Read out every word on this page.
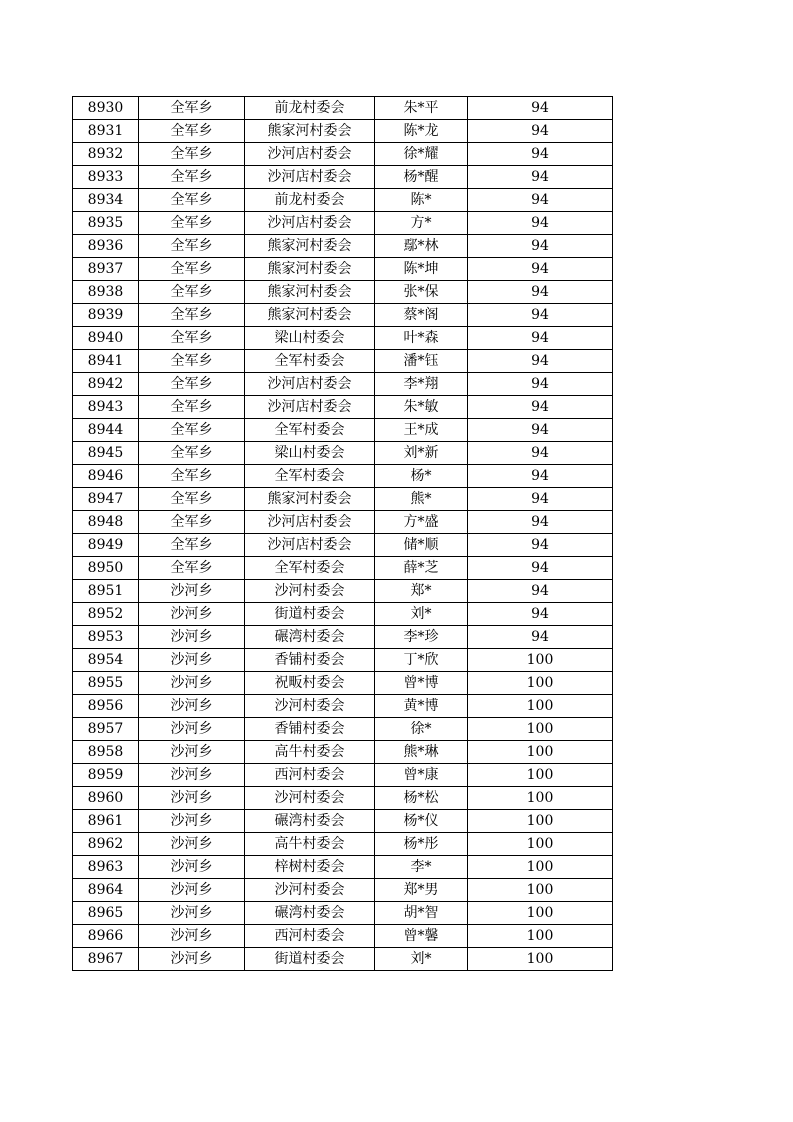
8930	全军乡	前龙村委会	朱*平	94
8931	全军乡	熊家河村委会	陈*龙	94
8932	全军乡	沙河店村委会	徐*耀	94
8933	全军乡	沙河店村委会	杨*醒	94
8934	全军乡	前龙村委会	陈*	94
8935	全军乡	沙河店村委会	方*	94
8936	全军乡	熊家河村委会	鄢*林	94
8937	全军乡	熊家河村委会	陈*坤	94
8938	全军乡	熊家河村委会	张*保	94
8939	全军乡	熊家河村委会	蔡*阁	94
8940	全军乡	梁山村委会	叶*森	94
8941	全军乡	全军村委会	潘*钰	94
8942	全军乡	沙河店村委会	李*翔	94
8943	全军乡	沙河店村委会	朱*敏	94
8944	全军乡	全军村委会	王*成	94
8945	全军乡	梁山村委会	刘*新	94
8946	全军乡	全军村委会	杨*	94
8947	全军乡	熊家河村委会	熊*	94
8948	全军乡	沙河店村委会	方*盛	94
8949	全军乡	沙河店村委会	储*顺	94
8950	全军乡	全军村委会	薛*芝	94
8951	沙河乡	沙河村委会	郑*	94
8952	沙河乡	街道村委会	刘*	94
8953	沙河乡	碾湾村委会	李*珍	94
8954	沙河乡	香铺村委会	丁*欣	100
8955	沙河乡	祝畈村委会	曾*博	100
8956	沙河乡	沙河村委会	黄*博	100
8957	沙河乡	香铺村委会	徐*	100
8958	沙河乡	高牛村委会	熊*琳	100
8959	沙河乡	西河村委会	曾*康	100
8960	沙河乡	沙河村委会	杨*松	100
8961	沙河乡	碾湾村委会	杨*仪	100
8962	沙河乡	高牛村委会	杨*彤	100
8963	沙河乡	梓树村委会	李*	100
8964	沙河乡	沙河村委会	郑*男	100
8965	沙河乡	碾湾村委会	胡*智	100
8966	沙河乡	西河村委会	曾*馨	100
8967	沙河乡	街道村委会	刘*	100
